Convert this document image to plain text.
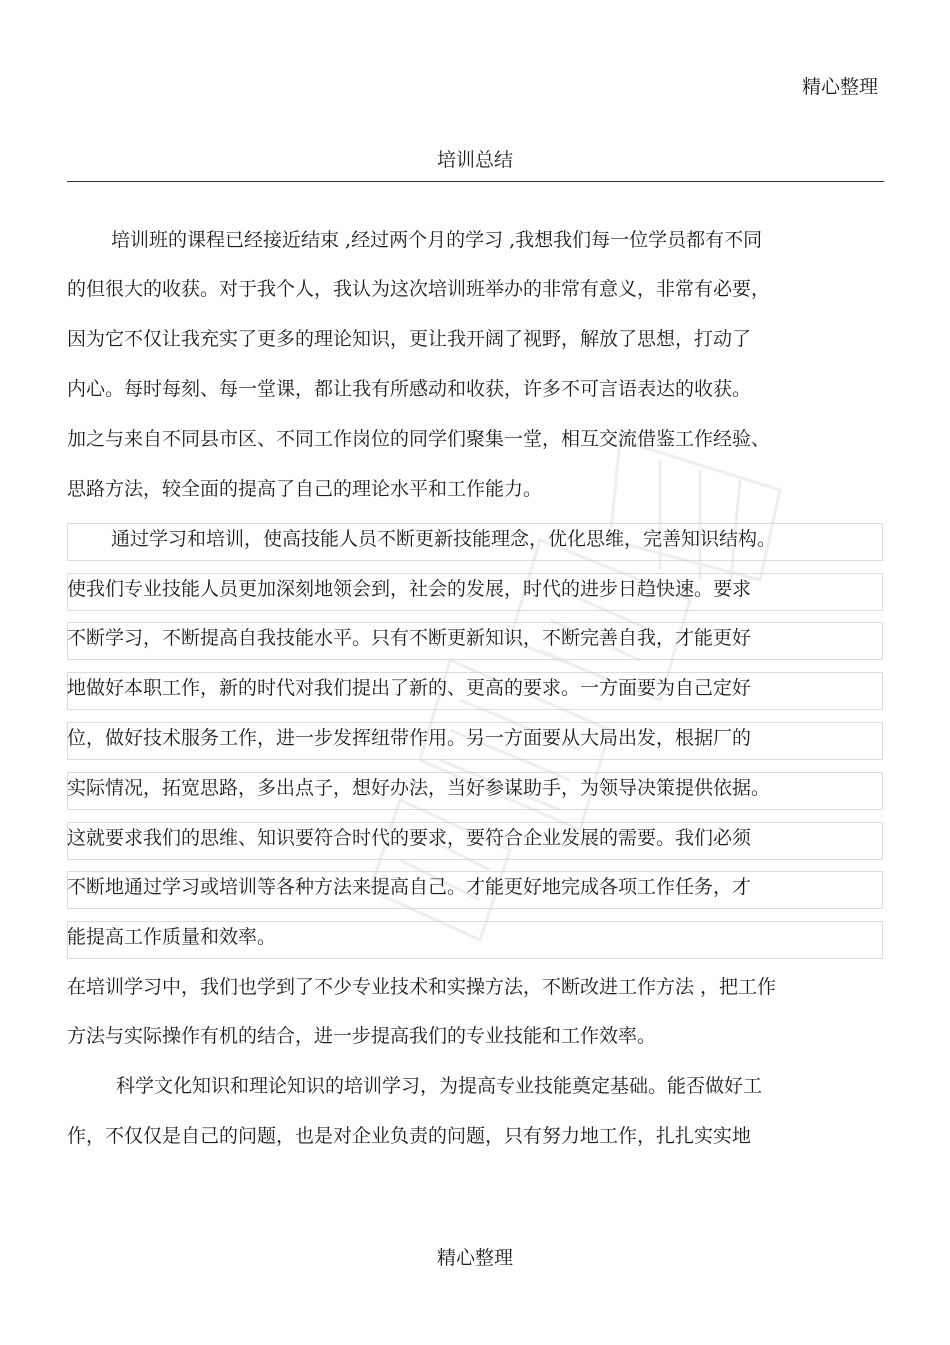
精心整理
培训总结
培训班的课程已经接近结束 ,经过两个月的学习 ,我想我们每一位学员都有不同
的但很大的收获。对于我个人，我认为这次培训班举办的非常有意义，非常有必要，
因为它不仅让我充实了更多的理论知识，更让我开阔了视野，解放了思想，打动了
内心。每时每刻、每一堂课，都让我有所感动和收获，许多不可言语表达的收获。
加之与来自不同县市区、不同工作岗位的同学们聚集一堂，相互交流借鉴工作经验、
思路方法，较全面的提高了自己的理论水平和工作能力。
通过学习和培训，使高技能人员不断更新技能理念，优化思维，完善知识结构。
使我们专业技能人员更加深刻地领会到，社会的发展，时代的进步日趋快速。要求
不断学习，不断提高自我技能水平。只有不断更新知识，不断完善自我，才能更好
地做好本职工作，新的时代对我们提出了新的、更高的要求。一方面要为自己定好
位，做好技术服务工作，进一步发挥纽带作用。另一方面要从大局出发，根据厂的
实际情况，拓宽思路，多出点子，想好办法，当好参谋助手，为领导决策提供依据。
这就要求我们的思维、知识要符合时代的要求，要符合企业发展的需要。我们必须
不断地通过学习或培训等各种方法来提高自己。才能更好地完成各项工作任务，才
能提高工作质量和效率。
在培训学习中，我们也学到了不少专业技术和实操方法，不断改进工作方法 ，把工作
方法与实际操作有机的结合，进一步提高我们的专业技能和工作效率。
科学文化知识和理论知识的培训学习，为提高专业技能奠定基础。能否做好工
作，不仅仅是自己的问题，也是对企业负责的问题，只有努力地工作，扎扎实实地
精心整理
